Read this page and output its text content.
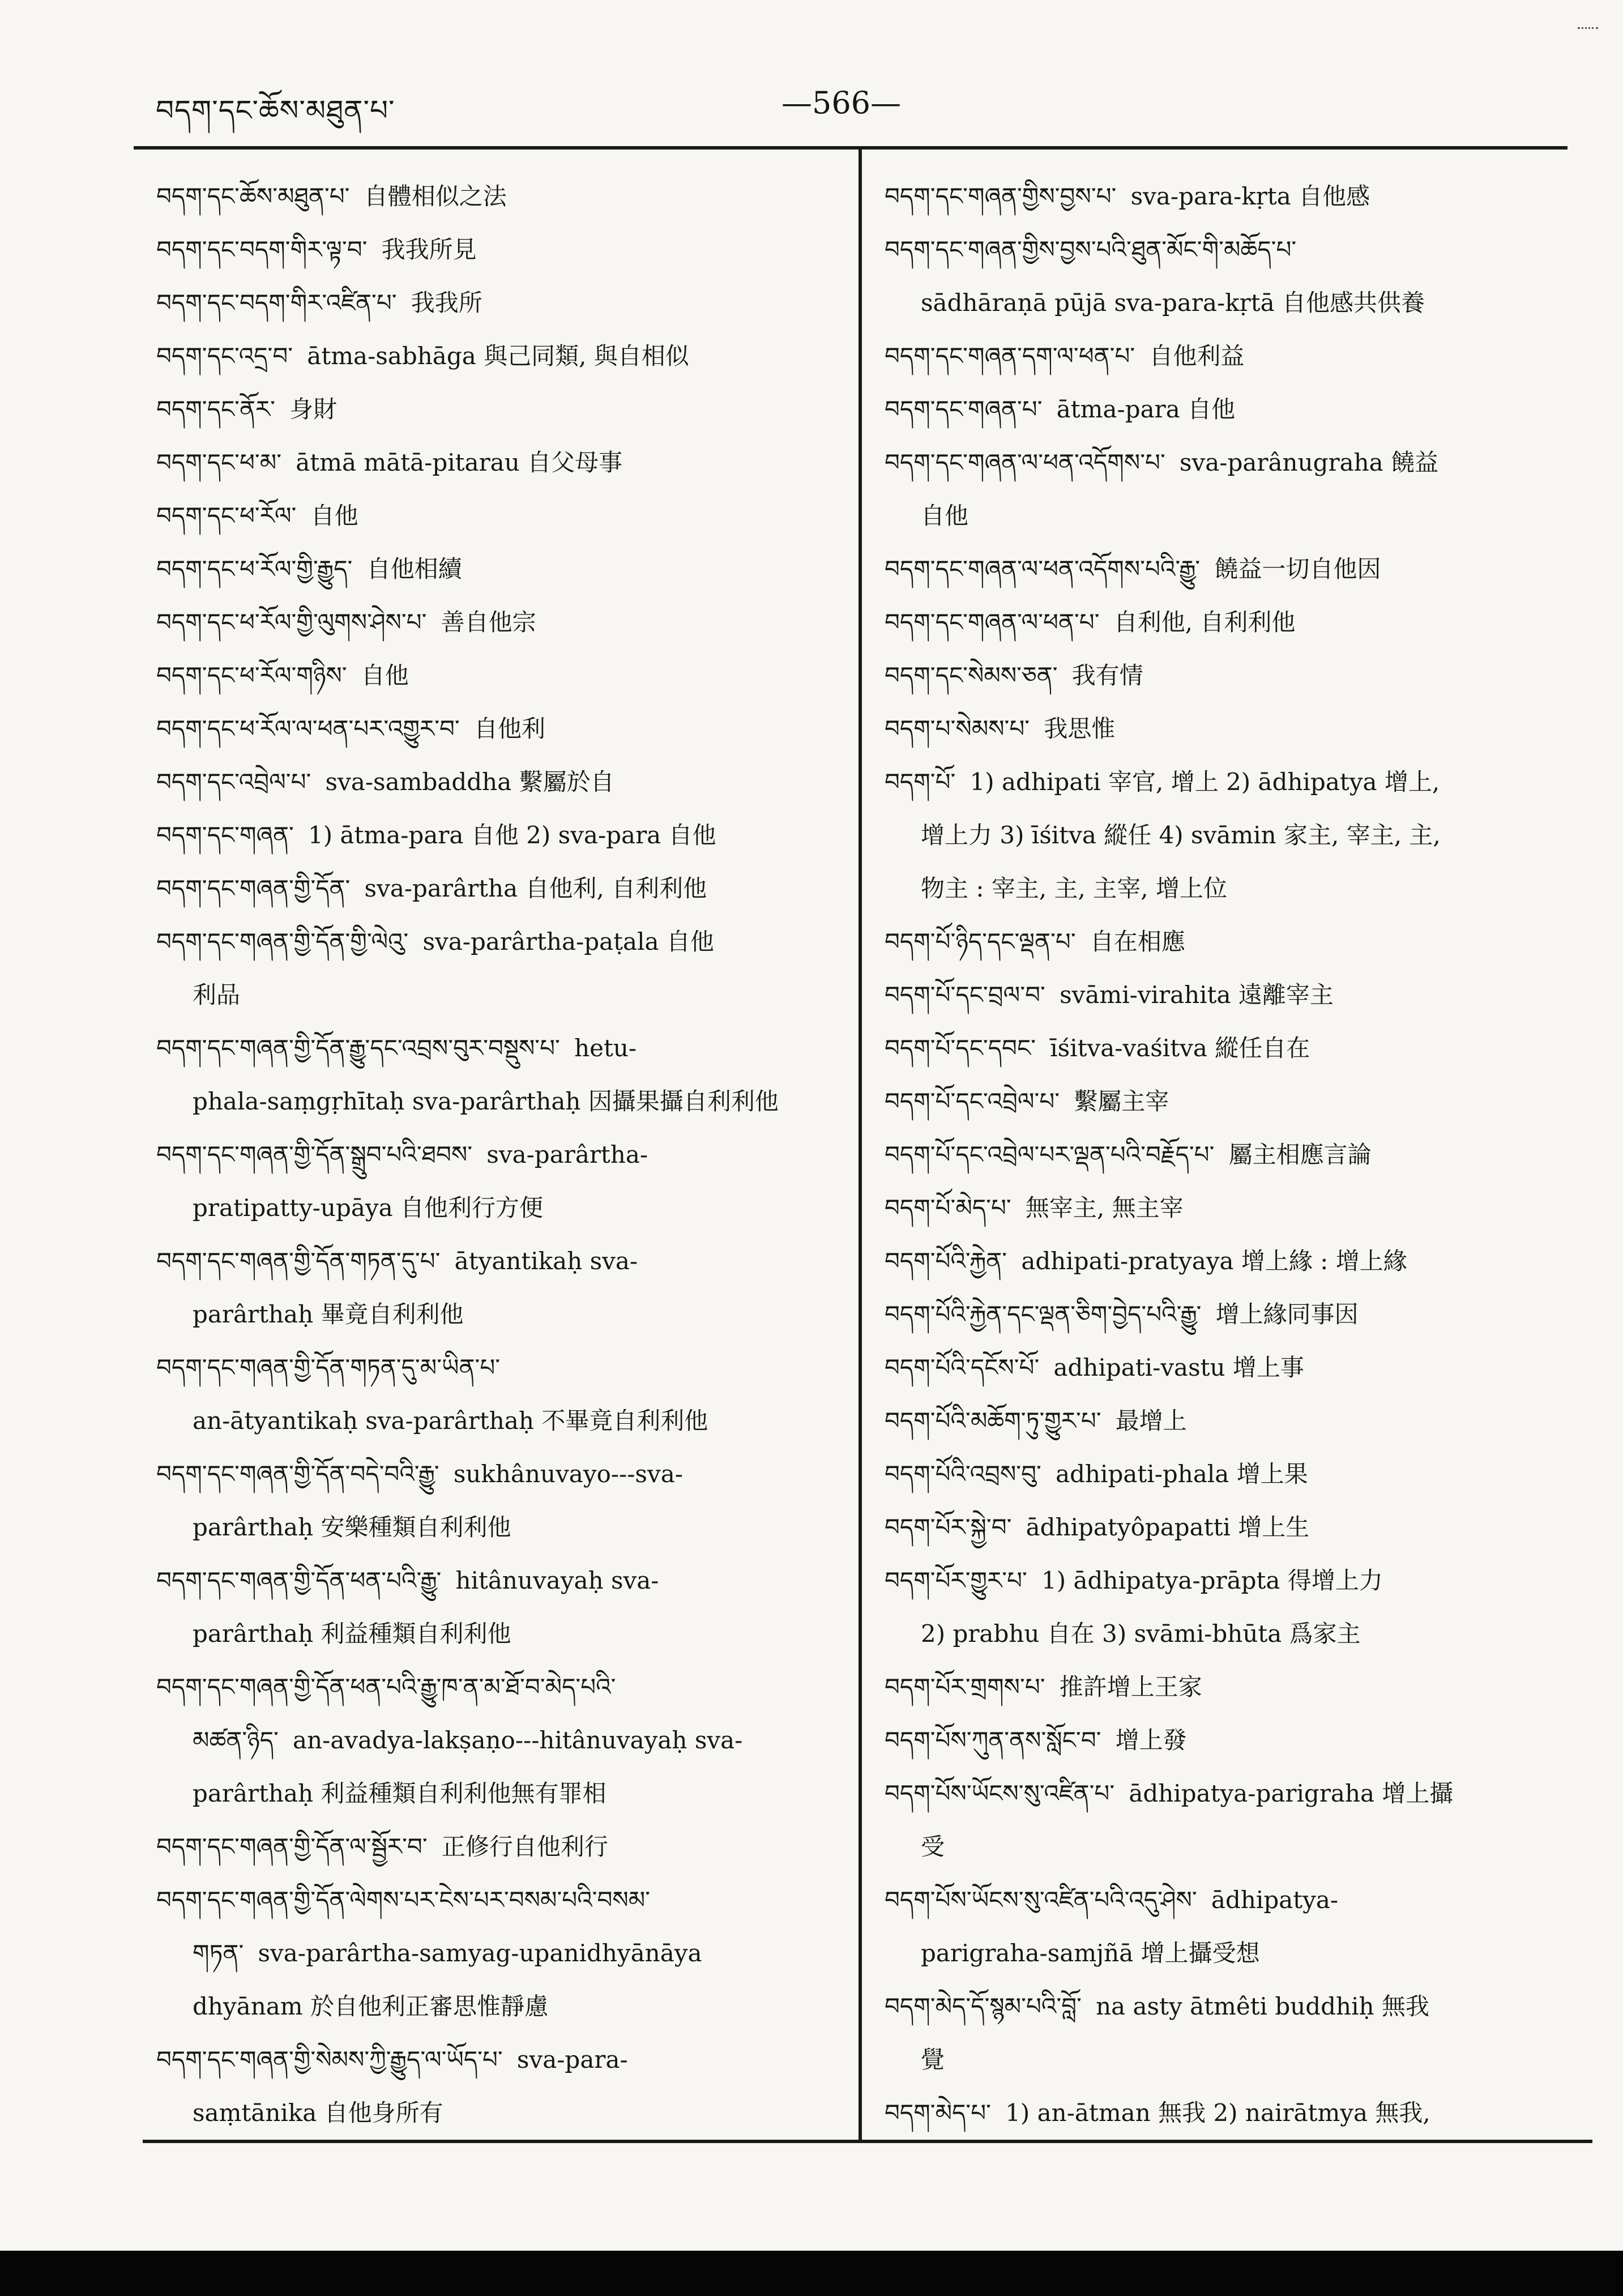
བདག་དང་ཆོས་མཐུན་པ་	—566—
བདག་དང་ཆོས་མཐུན་པ་ 自體相似之法
བདག་དང་བདག་གིར་ལྟ་བ་ 我我所見
བདག་དང་བདག་གིར་འཛིན་པ་ 我我所
བདག་དང་འདྲ་བ་ ātma-sabhāga 與己同類, 與自相似
བདག་དང་ནོར་ 身財
བདག་དང་ཕ་མ་ ātmā mātā-pitarau 自父母事
བདག་དང་ཕ་རོལ་ 自他
བདག་དང་ཕ་རོལ་གྱི་རྒྱུད་ 自他相續
བདག་དང་ཕ་རོལ་གྱི་ལུགས་ཤེས་པ་ 善自他宗
བདག་དང་ཕ་རོལ་གཉིས་ 自他
བདག་དང་ཕ་རོལ་ལ་ཕན་པར་འགྱུར་བ་ 自他利
བདག་དང་འབྲེལ་པ་ sva-sambaddha 繫屬於自
བདག་དང་གཞན་ 1) ātma-para 自他 2) sva-para 自他
བདག་དང་གཞན་གྱི་དོན་ sva-parârtha 自他利, 自利利他
བདག་དང་གཞན་གྱི་དོན་གྱི་ལེའུ་ sva-parârtha-paṭala 自他
利品
བདག་དང་གཞན་གྱི་དོན་རྒྱུ་དང་འབྲས་བུར་བསྡུས་པ་ hetu-
phala-saṃgṛhītaḥ sva-parârthaḥ 因攝果攝自利利他
བདག་དང་གཞན་གྱི་དོན་སྒྲུབ་པའི་ཐབས་ sva-parârtha-
pratipatty-upāya 自他利行方便
བདག་དང་གཞན་གྱི་དོན་གཏན་དུ་པ་ ātyantikaḥ sva-
parârthaḥ 畢竟自利利他
བདག་དང་གཞན་གྱི་དོན་གཏན་དུ་མ་ཡིན་པ་
an-ātyantikaḥ sva-parârthaḥ 不畢竟自利利他
བདག་དང་གཞན་གྱི་དོན་བདེ་བའི་རྒྱུ་ sukhânuvayo---sva-
parârthaḥ 安樂種類自利利他
བདག་དང་གཞན་གྱི་དོན་ཕན་པའི་རྒྱུ་ hitânuvayaḥ sva-
parârthaḥ 利益種類自利利他
བདག་དང་གཞན་གྱི་དོན་ཕན་པའི་རྒྱུ་ཁ་ན་མ་ཐོ་བ་མེད་པའི་
མཚན་ཉིད་ an-avadya-lakṣaṇo---hitânuvayaḥ sva-
parârthaḥ 利益種類自利利他無有罪相
བདག་དང་གཞན་གྱི་དོན་ལ་སྦྱོར་བ་ 正修行自他利行
བདག་དང་གཞན་གྱི་དོན་ལེགས་པར་ངེས་པར་བསམ་པའི་བསམ་
གཏན་ sva-parârtha-samyag-upanidhyānāya
dhyānam 於自他利正審思惟靜慮
བདག་དང་གཞན་གྱི་སེམས་ཀྱི་རྒྱུད་ལ་ཡོད་པ་ sva-para-
saṃtānika 自他身所有
བདག་དང་གཞན་གྱིས་བྱས་པ་ sva-para-kṛta 自他感
བདག་དང་གཞན་གྱིས་བྱས་པའི་ཐུན་མོང་གི་མཆོད་པ་
sādhāraṇā pūjā sva-para-kṛtā 自他感共供養
བདག་དང་གཞན་དག་ལ་ཕན་པ་ 自他利益
བདག་དང་གཞན་པ་ ātma-para 自他
བདག་དང་གཞན་ལ་ཕན་འདོགས་པ་ sva-parânugraha 饒益
自他
བདག་དང་གཞན་ལ་ཕན་འདོགས་པའི་རྒྱུ་ 饒益一切自他因
བདག་དང་གཞན་ལ་ཕན་པ་ 自利他, 自利利他
བདག་དང་སེམས་ཅན་ 我有情
བདག་པ་སེམས་པ་ 我思惟
བདག་པོ་ 1) adhipati 宰官, 增上 2) ādhipatya 增上,
增上力 3) īśitva 縱任 4) svāmin 家主, 宰主, 主,
物主 : 宰主, 主, 主宰, 增上位
བདག་པོ་ཉིད་དང་ལྡན་པ་ 自在相應
བདག་པོ་དང་བྲལ་བ་ svāmi-virahita 遠離宰主
བདག་པོ་དང་དབང་ īśitva-vaśitva 縱任自在
བདག་པོ་དང་འབྲེལ་པ་ 繫屬主宰
བདག་པོ་དང་འབྲེལ་པར་ལྡན་པའི་བརྗོད་པ་ 屬主相應言論
བདག་པོ་མེད་པ་ 無宰主, 無主宰
བདག་པོའི་རྐྱེན་ adhipati-pratyaya 增上緣 : 增上緣
བདག་པོའི་རྐྱེན་དང་ལྡན་ཅིག་བྱེད་པའི་རྒྱུ་ 增上緣同事因
བདག་པོའི་དངོས་པོ་ adhipati-vastu 增上事
བདག་པོའི་མཆོག་ཏུ་གྱུར་པ་ 最增上
བདག་པོའི་འབྲས་བུ་ adhipati-phala 增上果
བདག་པོར་སྐྱེ་བ་ ādhipatyôpapatti 增上生
བདག་པོར་གྱུར་པ་ 1) ādhipatya-prāpta 得增上力
2) prabhu 自在 3) svāmi-bhūta 爲家主
བདག་པོར་གྲགས་པ་ 推許增上王家
བདག་པོས་ཀུན་ནས་སློང་བ་ 增上發
བདག་པོས་ཡོངས་སུ་འཛིན་པ་ ādhipatya-parigraha 增上攝
受
བདག་པོས་ཡོངས་སུ་འཛིན་པའི་འདུ་ཤེས་ ādhipatya-
parigraha-samjñā 增上攝受想
བདག་མེད་དོ་སྙམ་པའི་བློ་ na asty ātmêti buddhiḥ 無我
覺
བདག་མེད་པ་ 1) an-ātman 無我 2) nairātmya 無我,
